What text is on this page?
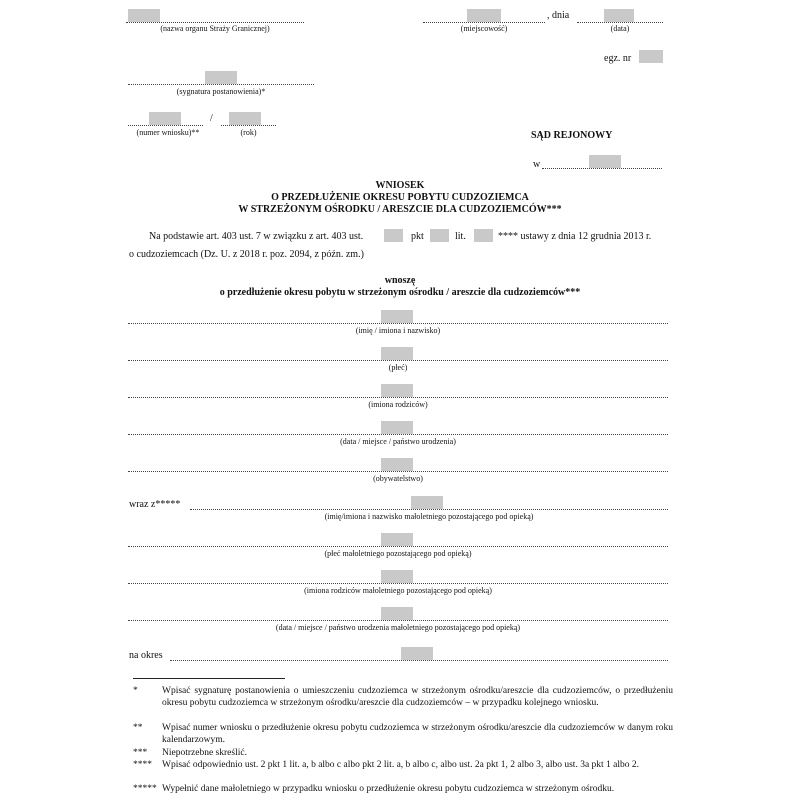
(nazwa organu Straży Granicznej)	(miejscowość)
, dnia
(data)
egz. nr
(sygnatura postanowienia)*
/
(numer wniosku)**	(rok)	SĄD REJONOWY
w
WNIOSEK
O PRZEDŁUŻENIE OKRESU POBYTU CUDZOZIEMCA
W STRZEŻONYM OŚRODKU / ARESZCIE DLA CUDZOZIEMCÓW***
Na podstawie art. 403 ust. 7 w związku z art. 403 ust.	pkt	lit.	**** ustawy z dnia 12 grudnia 2013 r.
o cudzoziemcach (Dz. U. z 2018 r. poz. 2094, z późn. zm.)
wnoszę
o przedłużenie okresu pobytu w strzeżonym ośrodku / areszcie dla cudzoziemców***
(imię / imiona i nazwisko)
(płeć)
(imiona rodziców)
(data / miejsce / państwo urodzenia)
(obywatelstwo)
wraz z*****
(imię/imiona i nazwisko małoletniego pozostającego pod opieką)
(płeć małoletniego pozostającego pod opieką)
(imiona rodziców małoletniego pozostającego pod opieką)
(data / miejsce / państwo urodzenia małoletniego pozostającego pod opieką)
na okres
*	Wpisać sygnaturę postanowienia o umieszczeniu cudzoziemca w strzeżonym ośrodku/areszcie dla cudzoziemców, o przedłużeniu okresu pobytu cudzoziemca w strzeżonym ośrodku/areszcie dla cudzoziemców – w przypadku kolejnego wniosku.
** Wpisać numer wniosku o przedłużenie okresu pobytu cudzoziemca w strzeżonym ośrodku/areszcie dla cudzoziemców w danym roku kalendarzowym.
*** Niepotrzebne skreślić.
**** Wpisać odpowiednio ust. 2 pkt 1 lit. a, b albo c albo pkt 2 lit. a, b albo c, albo ust. 2a pkt 1, 2 albo 3, albo ust. 3a pkt 1 albo 2.
***** Wypełnić dane małoletniego w przypadku wniosku o przedłużenie okresu pobytu cudzoziemca w strzeżonym ośrodku.
